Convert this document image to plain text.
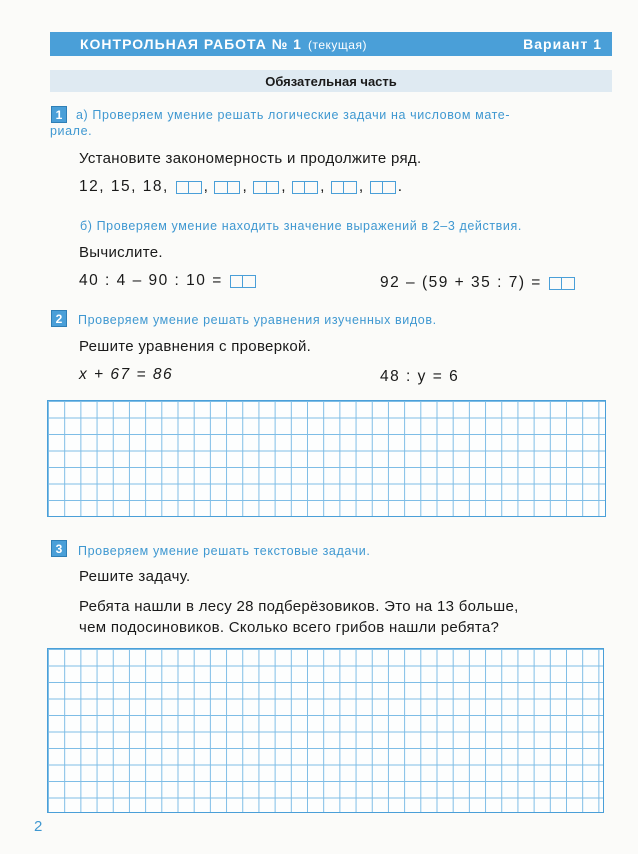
КОНТРОЛЬНАЯ РАБОТА № 1 (текущая)	Вариант 1
Обязательная часть
1	а) Проверяем умение решать логические задачи на числовом мате-
риале.
Установите закономерность и продолжите ряд.
12,
15,
18,
, , , , , .
б) Проверяем умение находить значение выражений в 2–3 действия.
Вычислите.
40 : 4 – 90 : 10 =
	92 – (59 + 35 : 7) =

2	Проверяем умение решать уравнения изученных видов.
Решите уравнения с проверкой.
x + 67 = 86	48 : y = 6
3	Проверяем умение решать текстовые задачи.
Решите задачу.
Ребята нашли в лесу 28 подберёзовиков. Это на 13 больше,
чем подосиновиков. Сколько всего грибов нашли ребята?
2
